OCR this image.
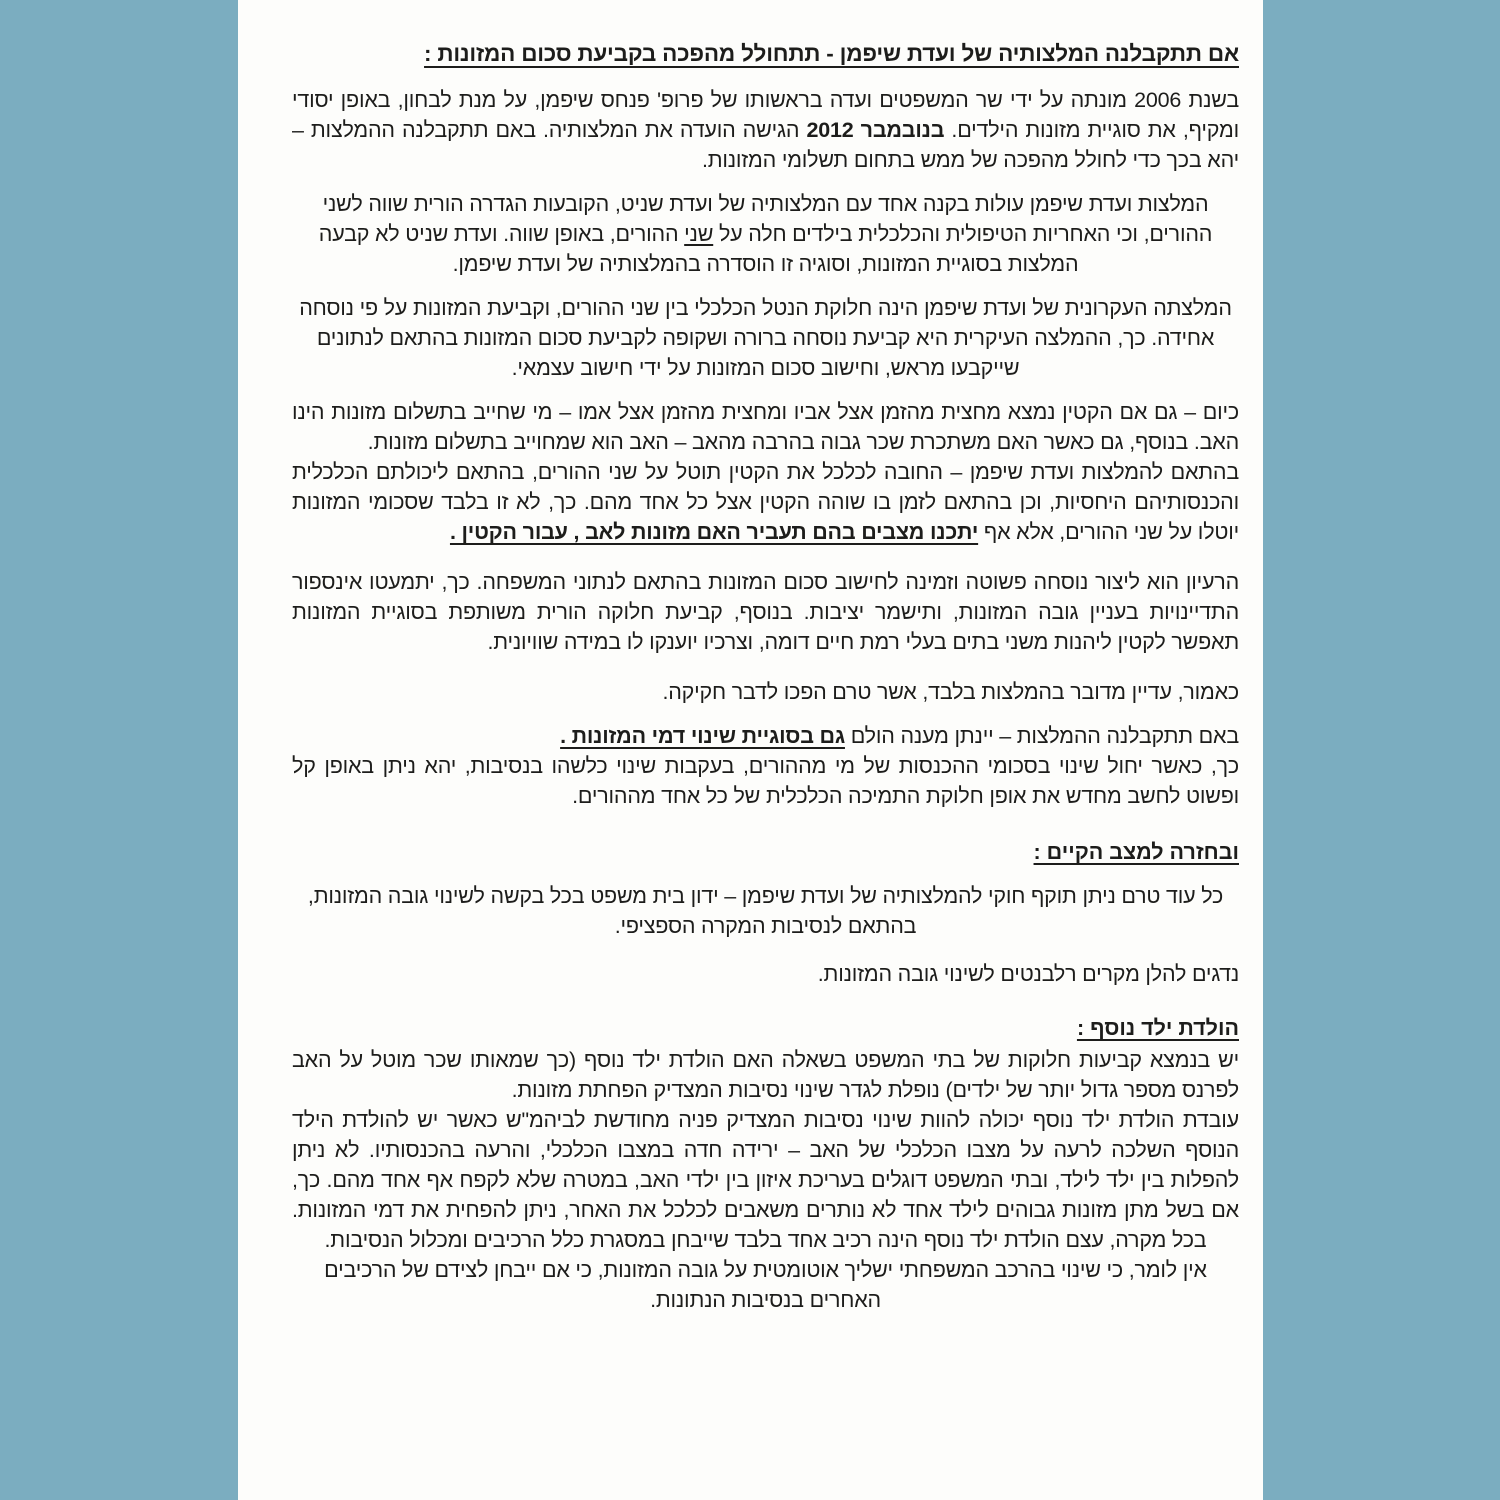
אם תתקבלנה המלצותיה של ועדת שיפמן - תתחולל מהפכה בקביעת סכום המזונות :

בשנת 2006 מונתה על ידי שר המשפטים ועדה בראשותו של פרופ' פנחס שיפמן, על מנת לבחון, באופן יסודי ומקיף, את סוגיית מזונות הילדים. בנובמבר 2012 הגישה הועדה את המלצותיה. באם תתקבלנה ההמלצות – יהא בכך כדי לחולל מהפכה של ממש בתחום תשלומי המזונות.

המלצות ועדת שיפמן עולות בקנה אחד עם המלצותיה של ועדת שניט, הקובעות הגדרה הורית שווה לשני ההורים, וכי האחריות הטיפולית והכלכלית בילדים חלה על שני ההורים, באופן שווה. ועדת שניט לא קבעה המלצות בסוגיית המזונות, וסוגיה זו הוסדרה בהמלצותיה של ועדת שיפמן.

המלצתה העקרונית של ועדת שיפמן הינה חלוקת הנטל הכלכלי בין שני ההורים, וקביעת המזונות על פי נוסחה אחידה. כך, ההמלצה העיקרית היא קביעת נוסחה ברורה ושקופה לקביעת סכום המזונות בהתאם לנתונים שייקבעו מראש, וחישוב סכום המזונות על ידי חישוב עצמאי.

כיום – גם אם הקטין נמצא מחצית מהזמן אצל אביו ומחצית מהזמן אצל אמו – מי שחייב בתשלום מזונות הינו האב. בנוסף, גם כאשר האם משתכרת שכר גבוה בהרבה מהאב – האב הוא שמחוייב בתשלום מזונות.

בהתאם להמלצות ועדת שיפמן – החובה לכלכל את הקטין תוטל על שני ההורים, בהתאם ליכולתם הכלכלית והכנסותיהם היחסיות, וכן בהתאם לזמן בו שוהה הקטין אצל כל אחד מהם. כך, לא זו בלבד שסכומי המזונות יוטלו על שני ההורים, אלא אף יתכנו מצבים בהם תעביר האם מזונות לאב , עבור הקטין .

הרעיון הוא ליצור נוסחה פשוטה וזמינה לחישוב סכום המזונות בהתאם לנתוני המשפחה. כך, יתמעטו אינספור התדיינויות בעניין גובה המזונות, ותישמר יציבות. בנוסף, קביעת חלוקה הורית משותפת בסוגיית המזונות תאפשר לקטין ליהנות משני בתים בעלי רמת חיים דומה, וצרכיו יוענקו לו במידה שוויונית.

כאמור, עדיין מדובר בהמלצות בלבד, אשר טרם הפכו לדבר חקיקה.

באם תתקבלנה ההמלצות – יינתן מענה הולם גם בסוגיית שינוי דמי המזונות .
כך, כאשר יחול שינוי בסכומי ההכנסות של מי מההורים, בעקבות שינוי כלשהו בנסיבות, יהא ניתן באופן קל ופשוט לחשב מחדש את אופן חלוקת התמיכה הכלכלית של כל אחד מההורים.

ובחזרה למצב הקיים :

כל עוד טרם ניתן תוקף חוקי להמלצותיה של ועדת שיפמן – ידון בית משפט בכל בקשה לשינוי גובה המזונות, בהתאם לנסיבות המקרה הספציפי.

נדגים להלן מקרים רלבנטים לשינוי גובה המזונות.

הולדת ילד נוסף :

יש בנמצא קביעות חלוקות של בתי המשפט בשאלה האם הולדת ילד נוסף (כך שמאותו שכר מוטל על האב לפרנס מספר גדול יותר של ילדים) נופלת לגדר שינוי נסיבות המצדיק הפחתת מזונות.

עובדת הולדת ילד נוסף יכולה להוות שינוי נסיבות המצדיק פניה מחודשת לביהמ"ש כאשר יש להולדת הילד הנוסף השלכה לרעה על מצבו הכלכלי של האב – ירידה חדה במצבו הכלכלי, והרעה בהכנסותיו. לא ניתן להפלות בין ילד לילד, ובתי המשפט דוגלים בעריכת איזון בין ילדי האב, במטרה שלא לקפח אף אחד מהם. כך, אם בשל מתן מזונות גבוהים לילד אחד לא נותרים משאבים לכלכל את האחר, ניתן להפחית את דמי המזונות. בכל מקרה, עצם הולדת ילד נוסף הינה רכיב אחד בלבד שייבחן במסגרת כלל הרכיבים ומכלול הנסיבות.

אין לומר, כי שינוי בהרכב המשפחתי ישליך אוטומטית על גובה המזונות, כי אם ייבחן לצידם של הרכיבים האחרים בנסיבות הנתונות.
